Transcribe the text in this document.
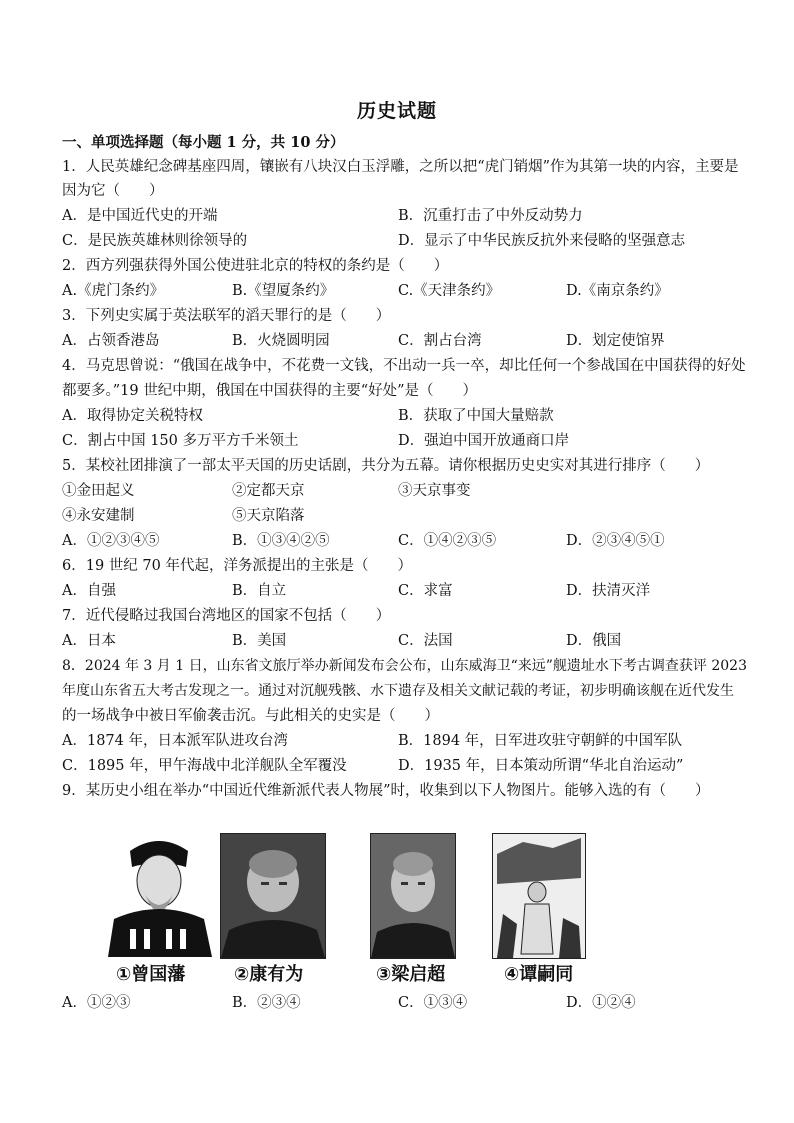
历史试题
一、单项选择题（每小题 1 分，共 10 分）
1．人民英雄纪念碑基座四周，镶嵌有八块汉白玉浮雕，之所以把“虎门销烟”作为其第一块的内容，主要是
因为它（　　）
A．是中国近代史的开端	B．沉重打击了中外反动势力
C．是民族英雄林则徐领导的	D．显示了中华民族反抗外来侵略的坚强意志
2．西方列强获得外国公使进驻北京的特权的条约是（　　）
A.《虎门条约》	B.《望厦条约》	C.《天津条约》	D.《南京条约》
3．下列史实属于英法联军的滔天罪行的是（　　）
A．占领香港岛	B．火烧圆明园	C．割占台湾	D．划定使馆界
4．马克思曾说：“俄国在战争中，不花费一文钱，不出动一兵一卒，却比任何一个参战国在中国获得的好处
都要多。”19 世纪中期，俄国在中国获得的主要“好处”是（　　）
A．取得协定关税特权	B．获取了中国大量赔款
C．割占中国 150 多万平方千米领土	D．强迫中国开放通商口岸
5．某校社团排演了一部太平天国的历史话剧，共分为五幕。请你根据历史史实对其进行排序（　　）
①金田起义	②定都天京	③天京事变
④永安建制	⑤天京陷落
A．①②③④⑤	B．①③④②⑤	C．①④②③⑤	D．②③④⑤①
6．19 世纪 70 年代起，洋务派提出的主张是（　　）
A．自强	B．自立	C．求富	D．扶清灭洋
7．近代侵略过我国台湾地区的国家不包括（　　）
A．日本	B．美国	C．法国	D．俄国
8．2024 年 3 月 1 日，山东省文旅厅举办新闻发布会公布，山东威海卫“来远”舰遗址水下考古调查获评 2023
年度山东省五大考古发现之一。通过对沉舰残骸、水下遗存及相关文献记载的考证，初步明确该舰在近代发生
的一场战争中被日军偷袭击沉。与此相关的史实是（　　）
A．1874 年，日本派军队进攻台湾	B．1894 年，日军进攻驻守朝鲜的中国军队
C．1895 年，甲午海战中北洋舰队全军覆没	D．1935 年，日本策动所谓“华北自治运动”
9．某历史小组在举办“中国近代维新派代表人物展”时，收集到以下人物图片。能够入选的有（　　）
①曾国藩	②康有为	③梁启超	④谭嗣同
A．①②③	B．②③④	C．①③④	D．①②④
